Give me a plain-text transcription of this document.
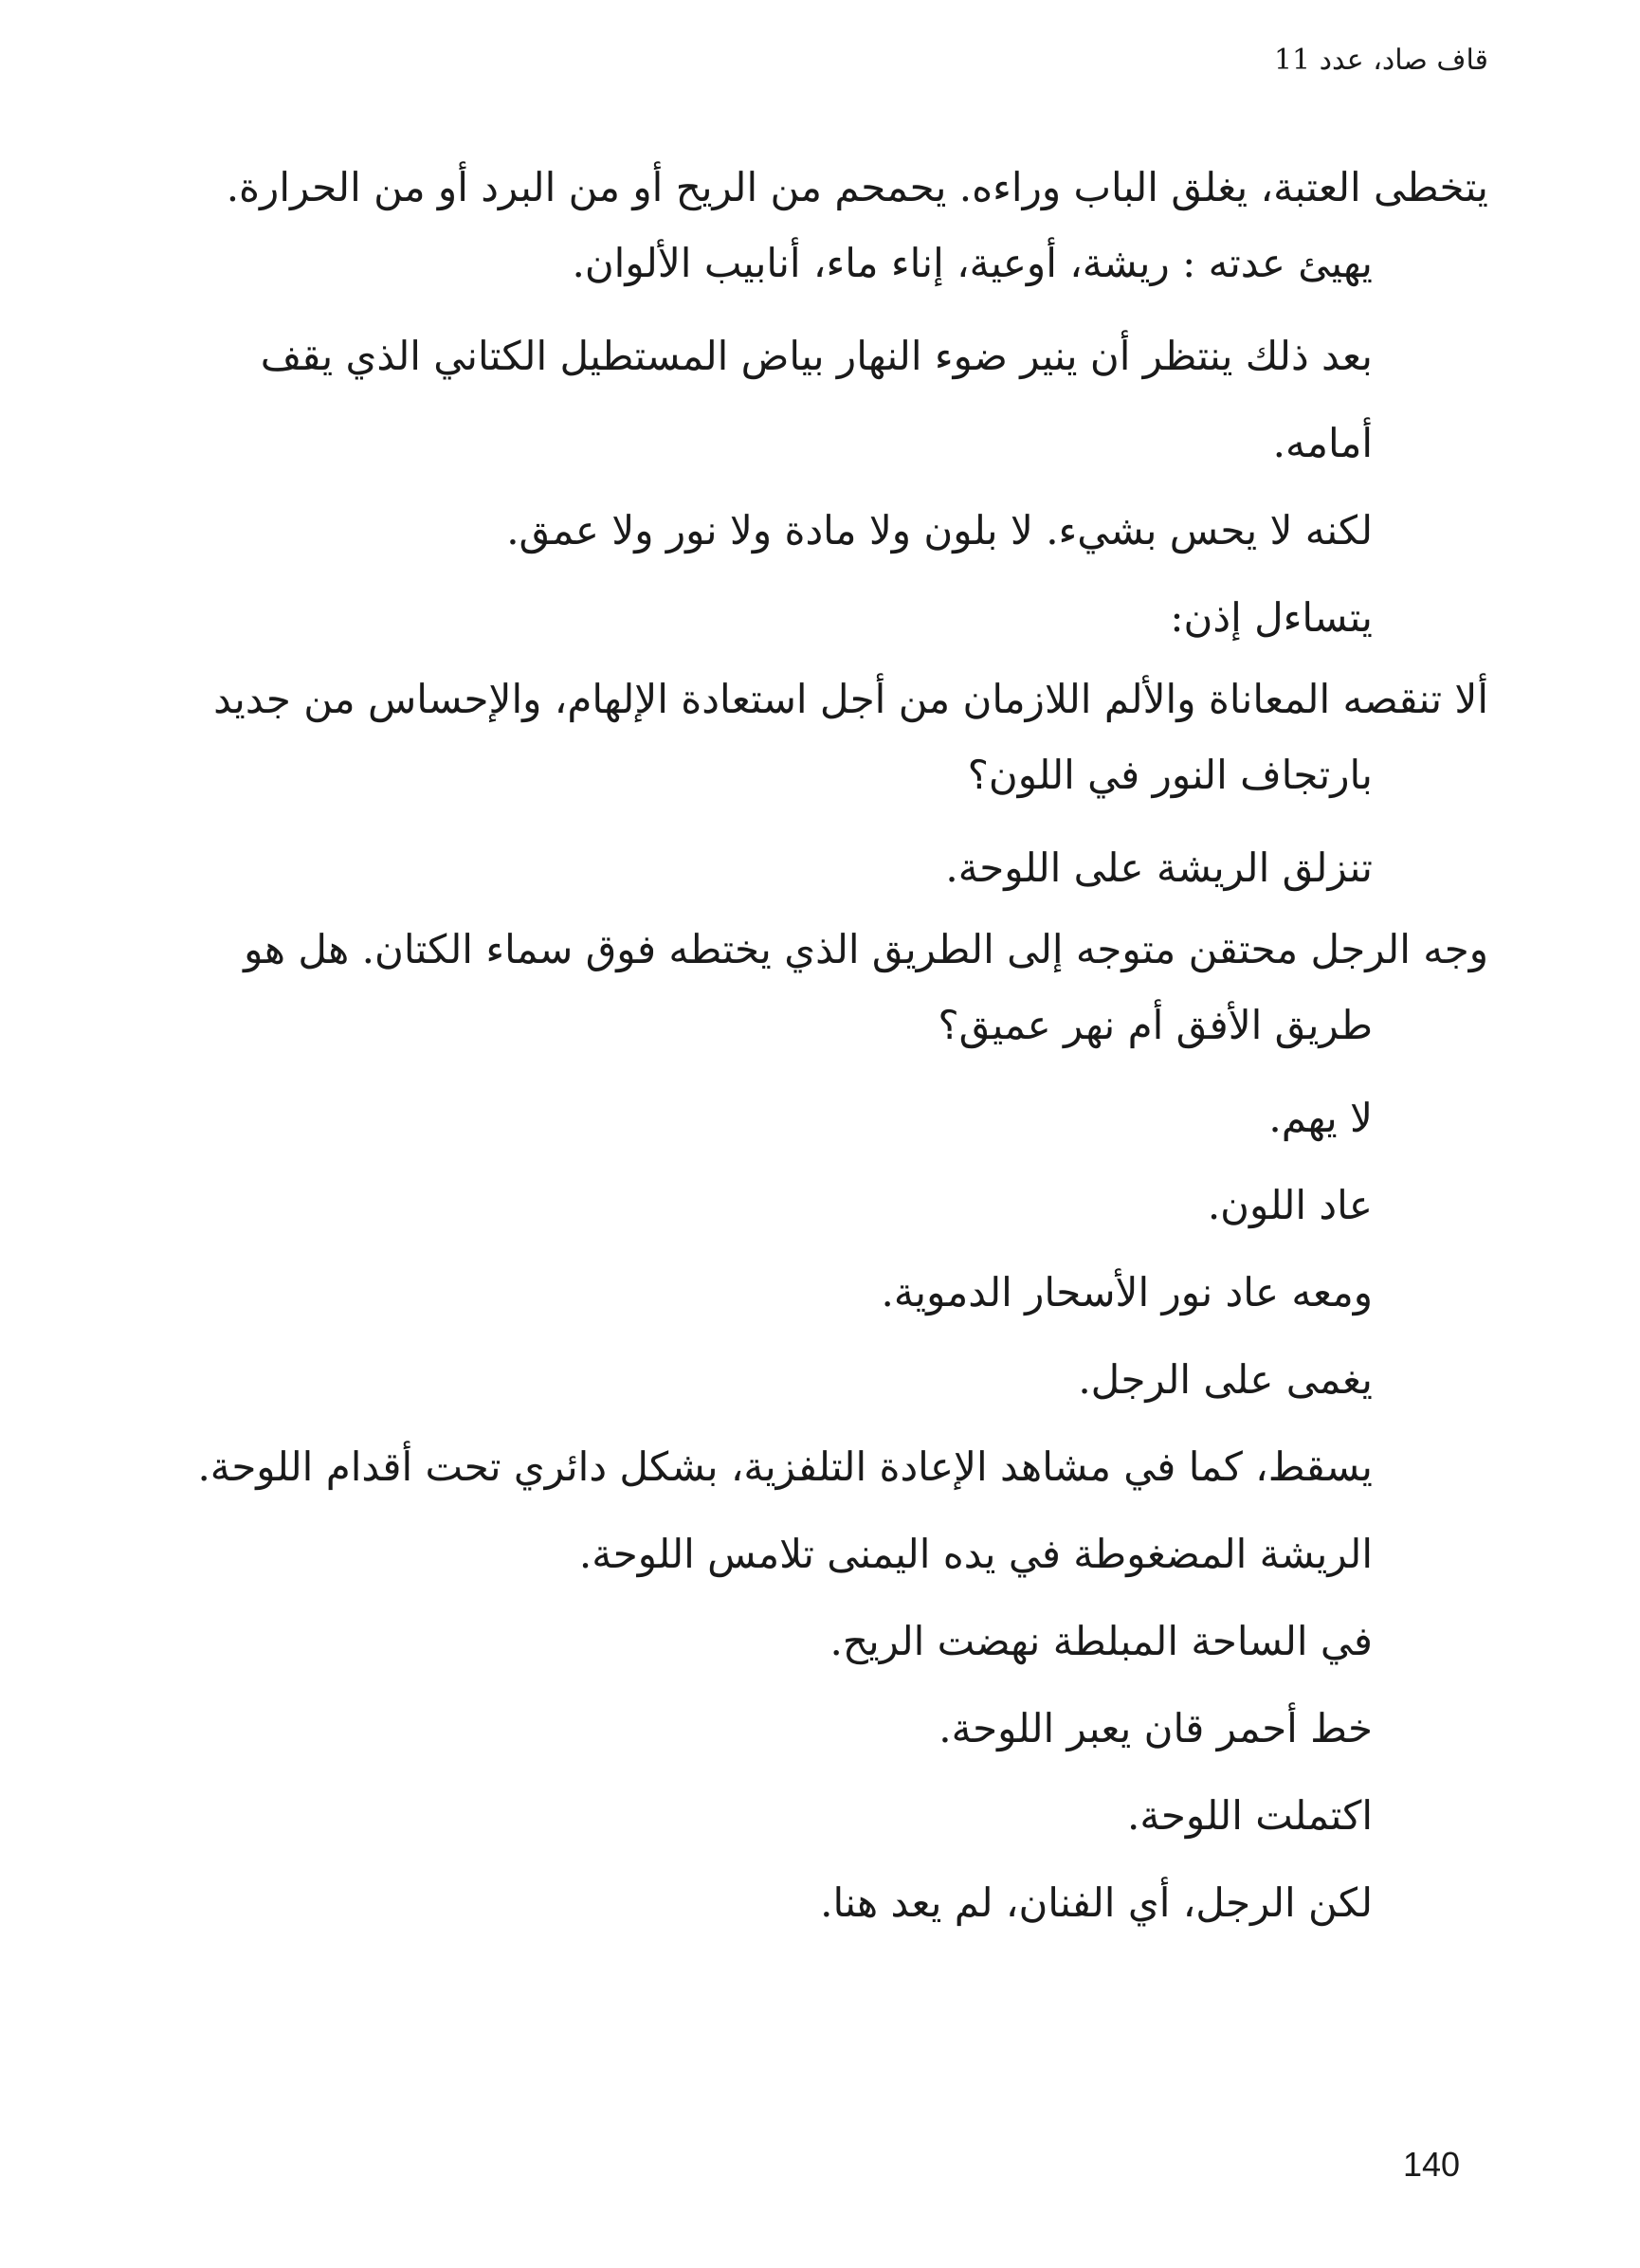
قاف صاد، عدد 11

يتخطى العتبة، يغلق الباب وراءه. يحمحم من الريح أو من البرد أو من الحرارة. يهيئ عدته : ريشة، أوعية، إناء ماء، أنابيب الألوان.

بعد ذلك ينتظر أن ينير ضوء النهار بياض المستطيل الكتاني الذي يقف أمامه.

لكنه لا يحس بشيء. لا بلون ولا مادة ولا نور ولا عمق.

يتساءل إذن:

ألا تنقصه المعاناة والألم اللازمان من أجل استعادة الإلهام، والإحساس من جديد بارتجاف النور في اللون؟

تنزلق الريشة على اللوحة.

وجه الرجل محتقن متوجه إلى الطريق الذي يختطه فوق سماء الكتان. هل هو طريق الأفق أم نهر عميق؟

لا يهم.

عاد اللون.

ومعه عاد نور الأسحار الدموية.

يغمى على الرجل.

يسقط، كما في مشاهد الإعادة التلفزية، بشكل دائري تحت أقدام اللوحة.

الريشة المضغوطة في يده اليمنى تلامس اللوحة.

في الساحة المبلطة نهضت الريح.

خط أحمر قان يعبر اللوحة.

اكتملت اللوحة.

لكن الرجل، أي الفنان، لم يعد هنا.

140
